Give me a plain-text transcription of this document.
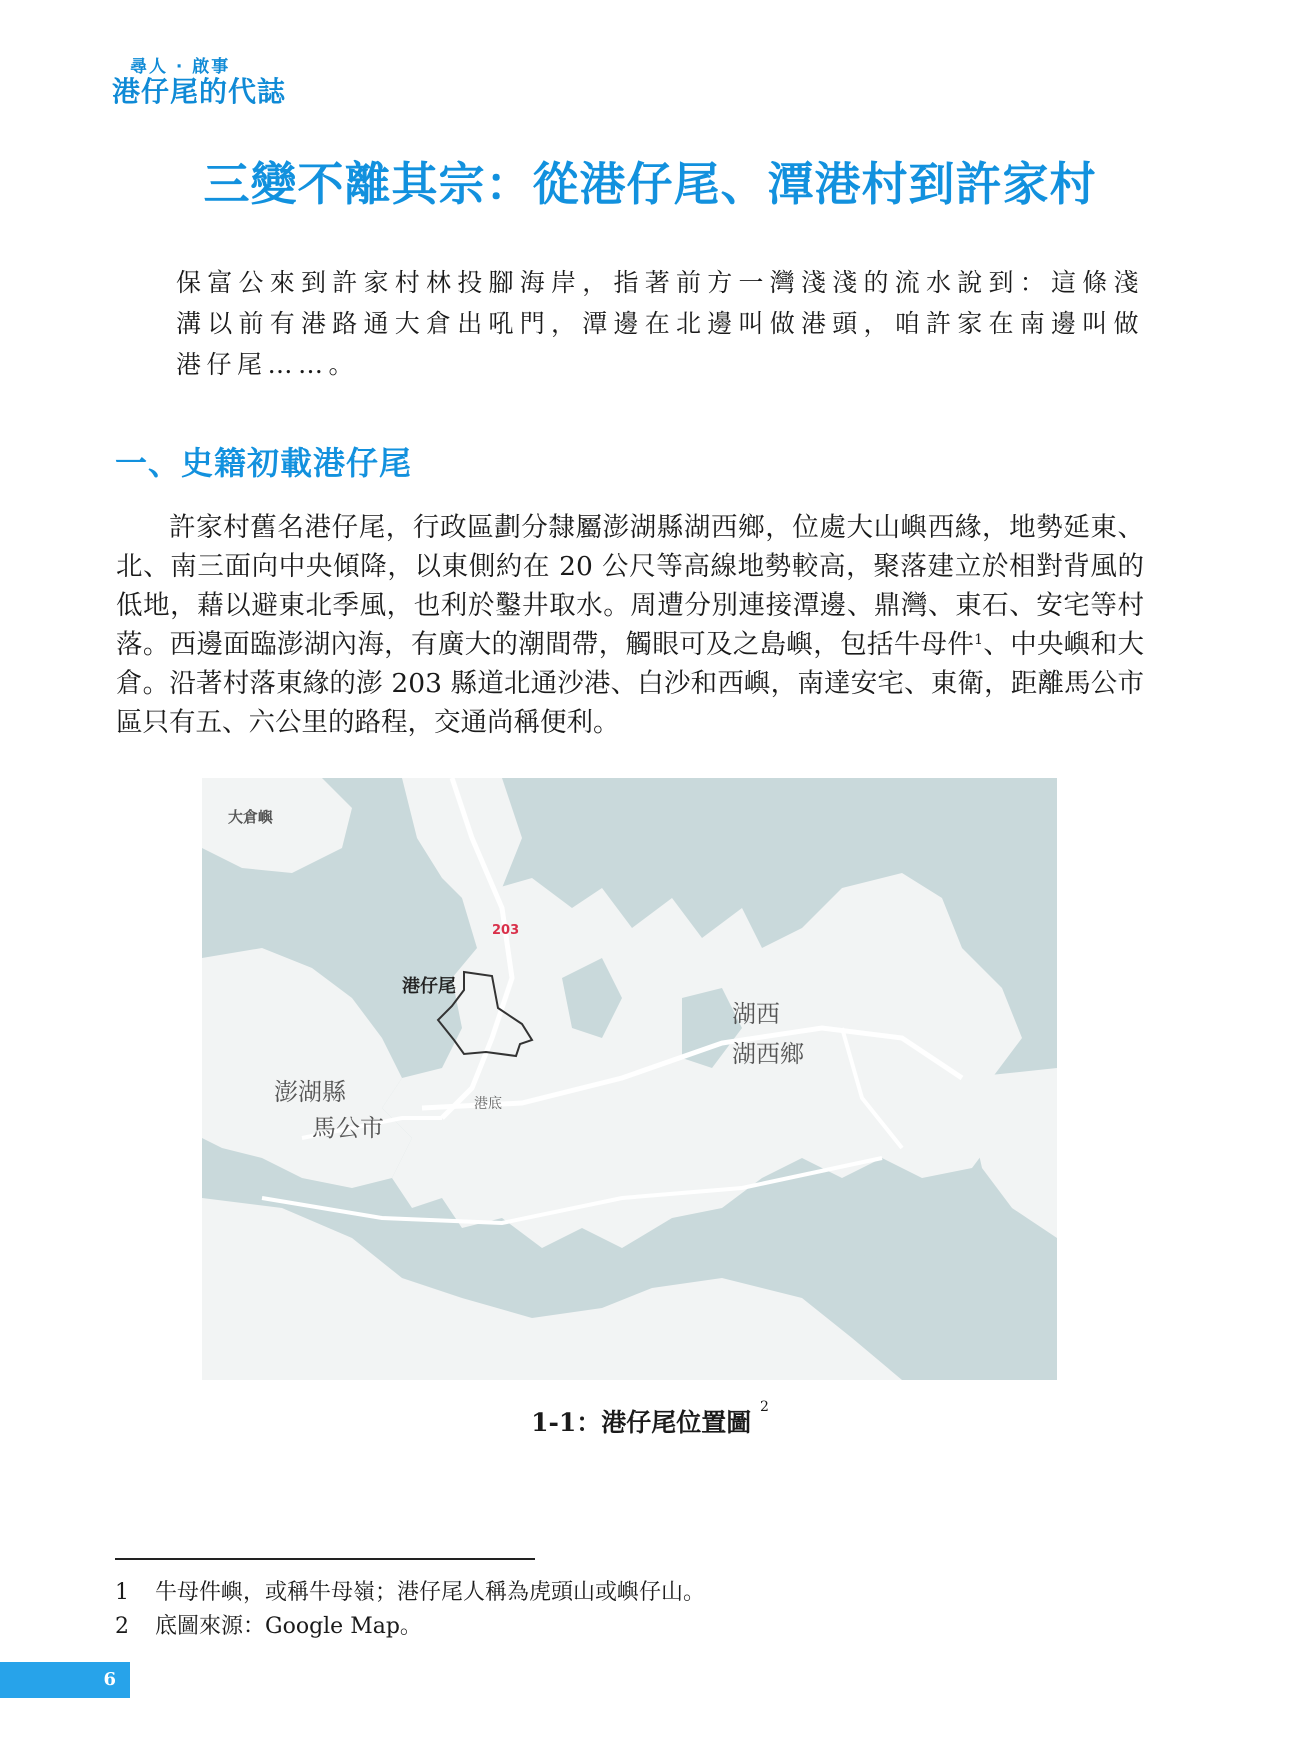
尋人 · 啟事
港仔尾的代誌
三變不離其宗：從港仔尾、潭港村到許家村

保富公來到許家村林投腳海岸，指著前方一灣淺淺的流水說到：這條淺溝以前有港路通大倉出吼門，潭邊在北邊叫做港頭，咱許家在南邊叫做港仔尾……。

一、史籍初載港仔尾

許家村舊名港仔尾，行政區劃分隸屬澎湖縣湖西鄉，位處大山嶼西緣，地勢延東、北、南三面向中央傾降，以東側約在 20 公尺等高線地勢較高，聚落建立於相對背風的低地，藉以避東北季風，也利於鑿井取水。周遭分別連接潭邊、鼎灣、東石、安宅等村落。西邊面臨澎湖內海，有廣大的潮間帶，觸眼可及之島嶼，包括牛母件$^1$、中央嶼和大倉。沿著村落東緣的澎 203 縣道北通沙港、白沙和西嶼，南達安宅、東衛，距離馬公市區只有五、六公里的路程，交通尚稱便利。

大倉嶼
203
港仔尾
湖西
湖西鄉
澎湖縣
馬公市
港底

1-1：港仔尾位置圖 $^2$

1	牛母件嶼，或稱牛母嶺；港仔尾人稱為虎頭山或嶼仔山。
2	底圖來源：Google Map。
6
